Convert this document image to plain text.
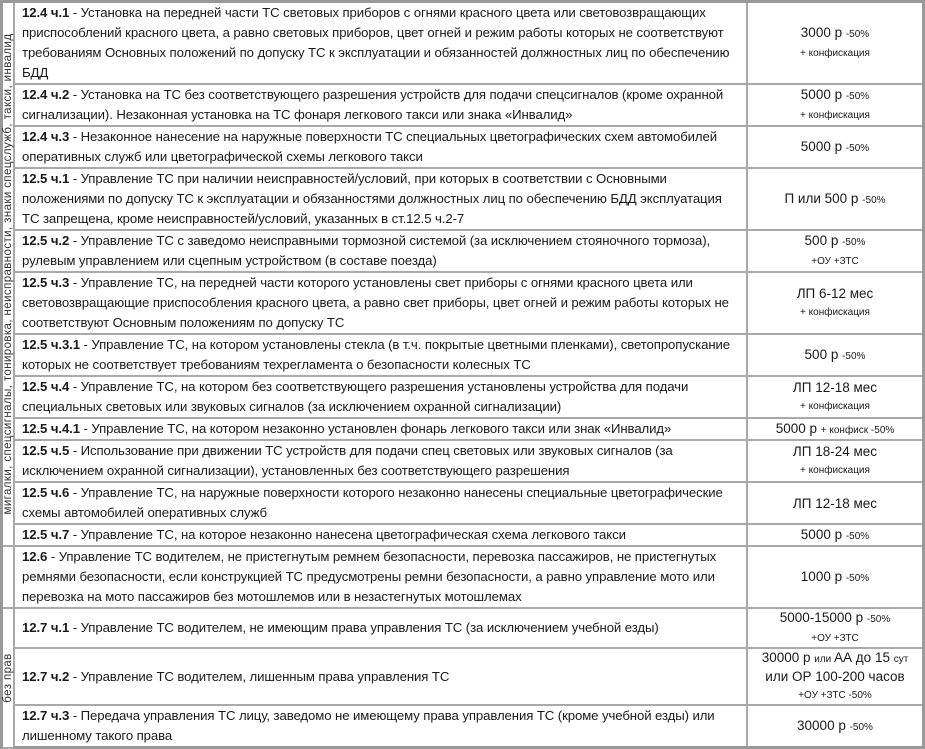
мигалки, спецсигналы, тонировка, неисправности, знаки спецслужб, такси, инвалид	12.4 ч.1 - Установка на передней части ТС световых приборов с огнями красного цвета или световозвращающих приспособлений красного цвета, а равно световых приборов, цвет огней и режим работы которых не соответствуют требованиям Основных положений по допуску ТС к эксплуатации и обязанностей должностных лиц по обеспечению БДД	3000 р -50%
+ конфискация

	12.4 ч.2 - Установка на ТС без соответствующего разрешения устройств для подачи спецсигналов (кроме охранной сигнализации). Незаконная установка на ТС фонаря легкового такси или знака «Инвалид»	5000 р -50%
+ конфискация

	12.4 ч.3 - Незаконное нанесение на наружные поверхности ТС специальных цветографических схем автомобилей оперативных служб или цветографической схемы легкового такси	5000 р -50%

	12.5 ч.1 - Управление ТС при наличии неисправностей/условий, при которых в соответствии с Основными положениями по допуску ТС к эксплуатации и обязанностями должностных лиц по обеспечению БДД эксплуатация ТС запрещена, кроме неисправностей/условий, указанных в ст.12.5 ч.2-7	П или 500 р -50%

	12.5 ч.2 - Управление ТС с заведомо неисправными тормозной системой (за исключением стояночного тормоза), рулевым управлением или сцепным устройством (в составе поезда)	500 р -50%
+ОУ +ЗТС

	12.5 ч.3 - Управление ТС, на передней части которого установлены свет приборы с огнями красного цвета или световозвращающие приспособления красного цвета, а равно свет приборы, цвет огней и режим работы которых не соответствуют Основным положениям по допуску ТС	ЛП 6-12 мес
+ конфискация

	12.5 ч.3.1 - Управление ТС, на котором установлены стекла (в т.ч. покрытые цветными пленками), светопропускание которых не соответствует требованиям техрегламента о безопасности колесных ТС	500 р -50%

	12.5 ч.4 - Управление ТС, на котором без соответствующего разрешения установлены устройства для подачи специальных световых или звуковых сигналов (за исключением охранной сигнализации)	ЛП 12-18 мес
+ конфискация

	12.5 ч.4.1 - Управление ТС, на котором незаконно установлен фонарь легкового такси или знак «Инвалид»	5000 р + конфиск -50%

	12.5 ч.5 - Использование при движении ТС устройств для подачи спец световых или звуковых сигналов (за исключением охранной сигнализации), установленных без соответствующего разрешения	ЛП 18-24 мес
+ конфискация

	12.5 ч.6 - Управление ТС, на наружные поверхности которого незаконно нанесены специальные цветографические схемы автомобилей оперативных служб	ЛП 12-18 мес

	12.5 ч.7 - Управление ТС, на которое незаконно нанесена цветографическая схема легкового такси	5000 р -50%

	12.6 - Управление ТС водителем, не пристегнутым ремнем безопасности, перевозка пассажиров, не пристегнутых ремнями безопасности, если конструкцией ТС предусмотрены ремни безопасности, а равно управление мото или перевозка на мото пассажиров без мотошлемов или в незастегнутых мотошлемах	1000 р -50%

без прав	12.7 ч.1 - Управление ТС водителем, не имеющим права управления ТС (за исключением учебной езды)	5000-15000 р -50%
+ОУ +ЗТС

	12.7 ч.2 - Управление ТС водителем, лишенным права управления ТС	30000 р или АА до 15 сут
или ОР 100-200 часов
+ОУ +ЗТС -50%

	12.7 ч.3 - Передача управления ТС лицу, заведомо не имеющему права управления ТС (кроме учебной езды) или лишенному такого права	30000 р -50%
